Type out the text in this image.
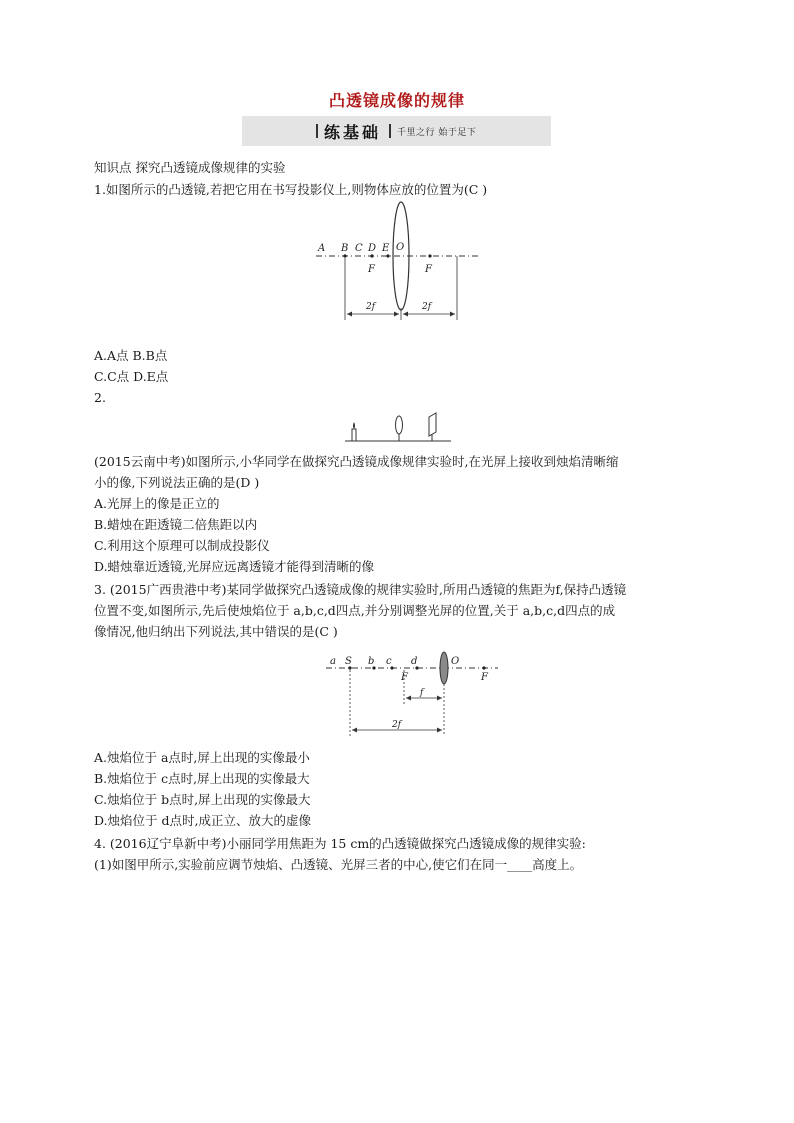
凸透镜成像的规律
练基础 千里之行 始于足下
知识点 探究凸透镜成像规律的实验
1.如图所示的凸透镜,若把它用在书写投影仪上,则物体应放的位置为(C )
A B C D E O
F	F
2f	2f
A.A点 B.B点
C.C点 D.E点
2.
(2015云南中考)如图所示,小华同学在做探究凸透镜成像规律实验时,在光屏上接收到烛焰清晰缩
小的像,下列说法正确的是(D )
A.光屏上的像是正立的
B.蜡烛在距透镜二倍焦距以内
C.利用这个原理可以制成投影仪
D.蜡烛靠近透镜,光屏应远离透镜才能得到清晰的像
3. (2015广西贵港中考)某同学做探究凸透镜成像的规律实验时,所用凸透镜的焦距为f,保持凸透镜
位置不变,如图所示,先后使烛焰位于 a,b,c,d四点,并分别调整光屏的位置,关于 a,b,c,d四点的成
像情况,他归纳出下列说法,其中错误的是(C )
a S b c d	O
F	F
f
2f
A.烛焰位于 a点时,屏上出现的实像最小
B.烛焰位于 c点时,屏上出现的实像最大
C.烛焰位于 b点时,屏上出现的实像最大
D.烛焰位于 d点时,成正立、放大的虚像
4. (2016辽宁阜新中考)小丽同学用焦距为 15 cm的凸透镜做探究凸透镜成像的规律实验:
(1)如图甲所示,实验前应调节烛焰、凸透镜、光屏三者的中心,使它们在同一____高度上。
